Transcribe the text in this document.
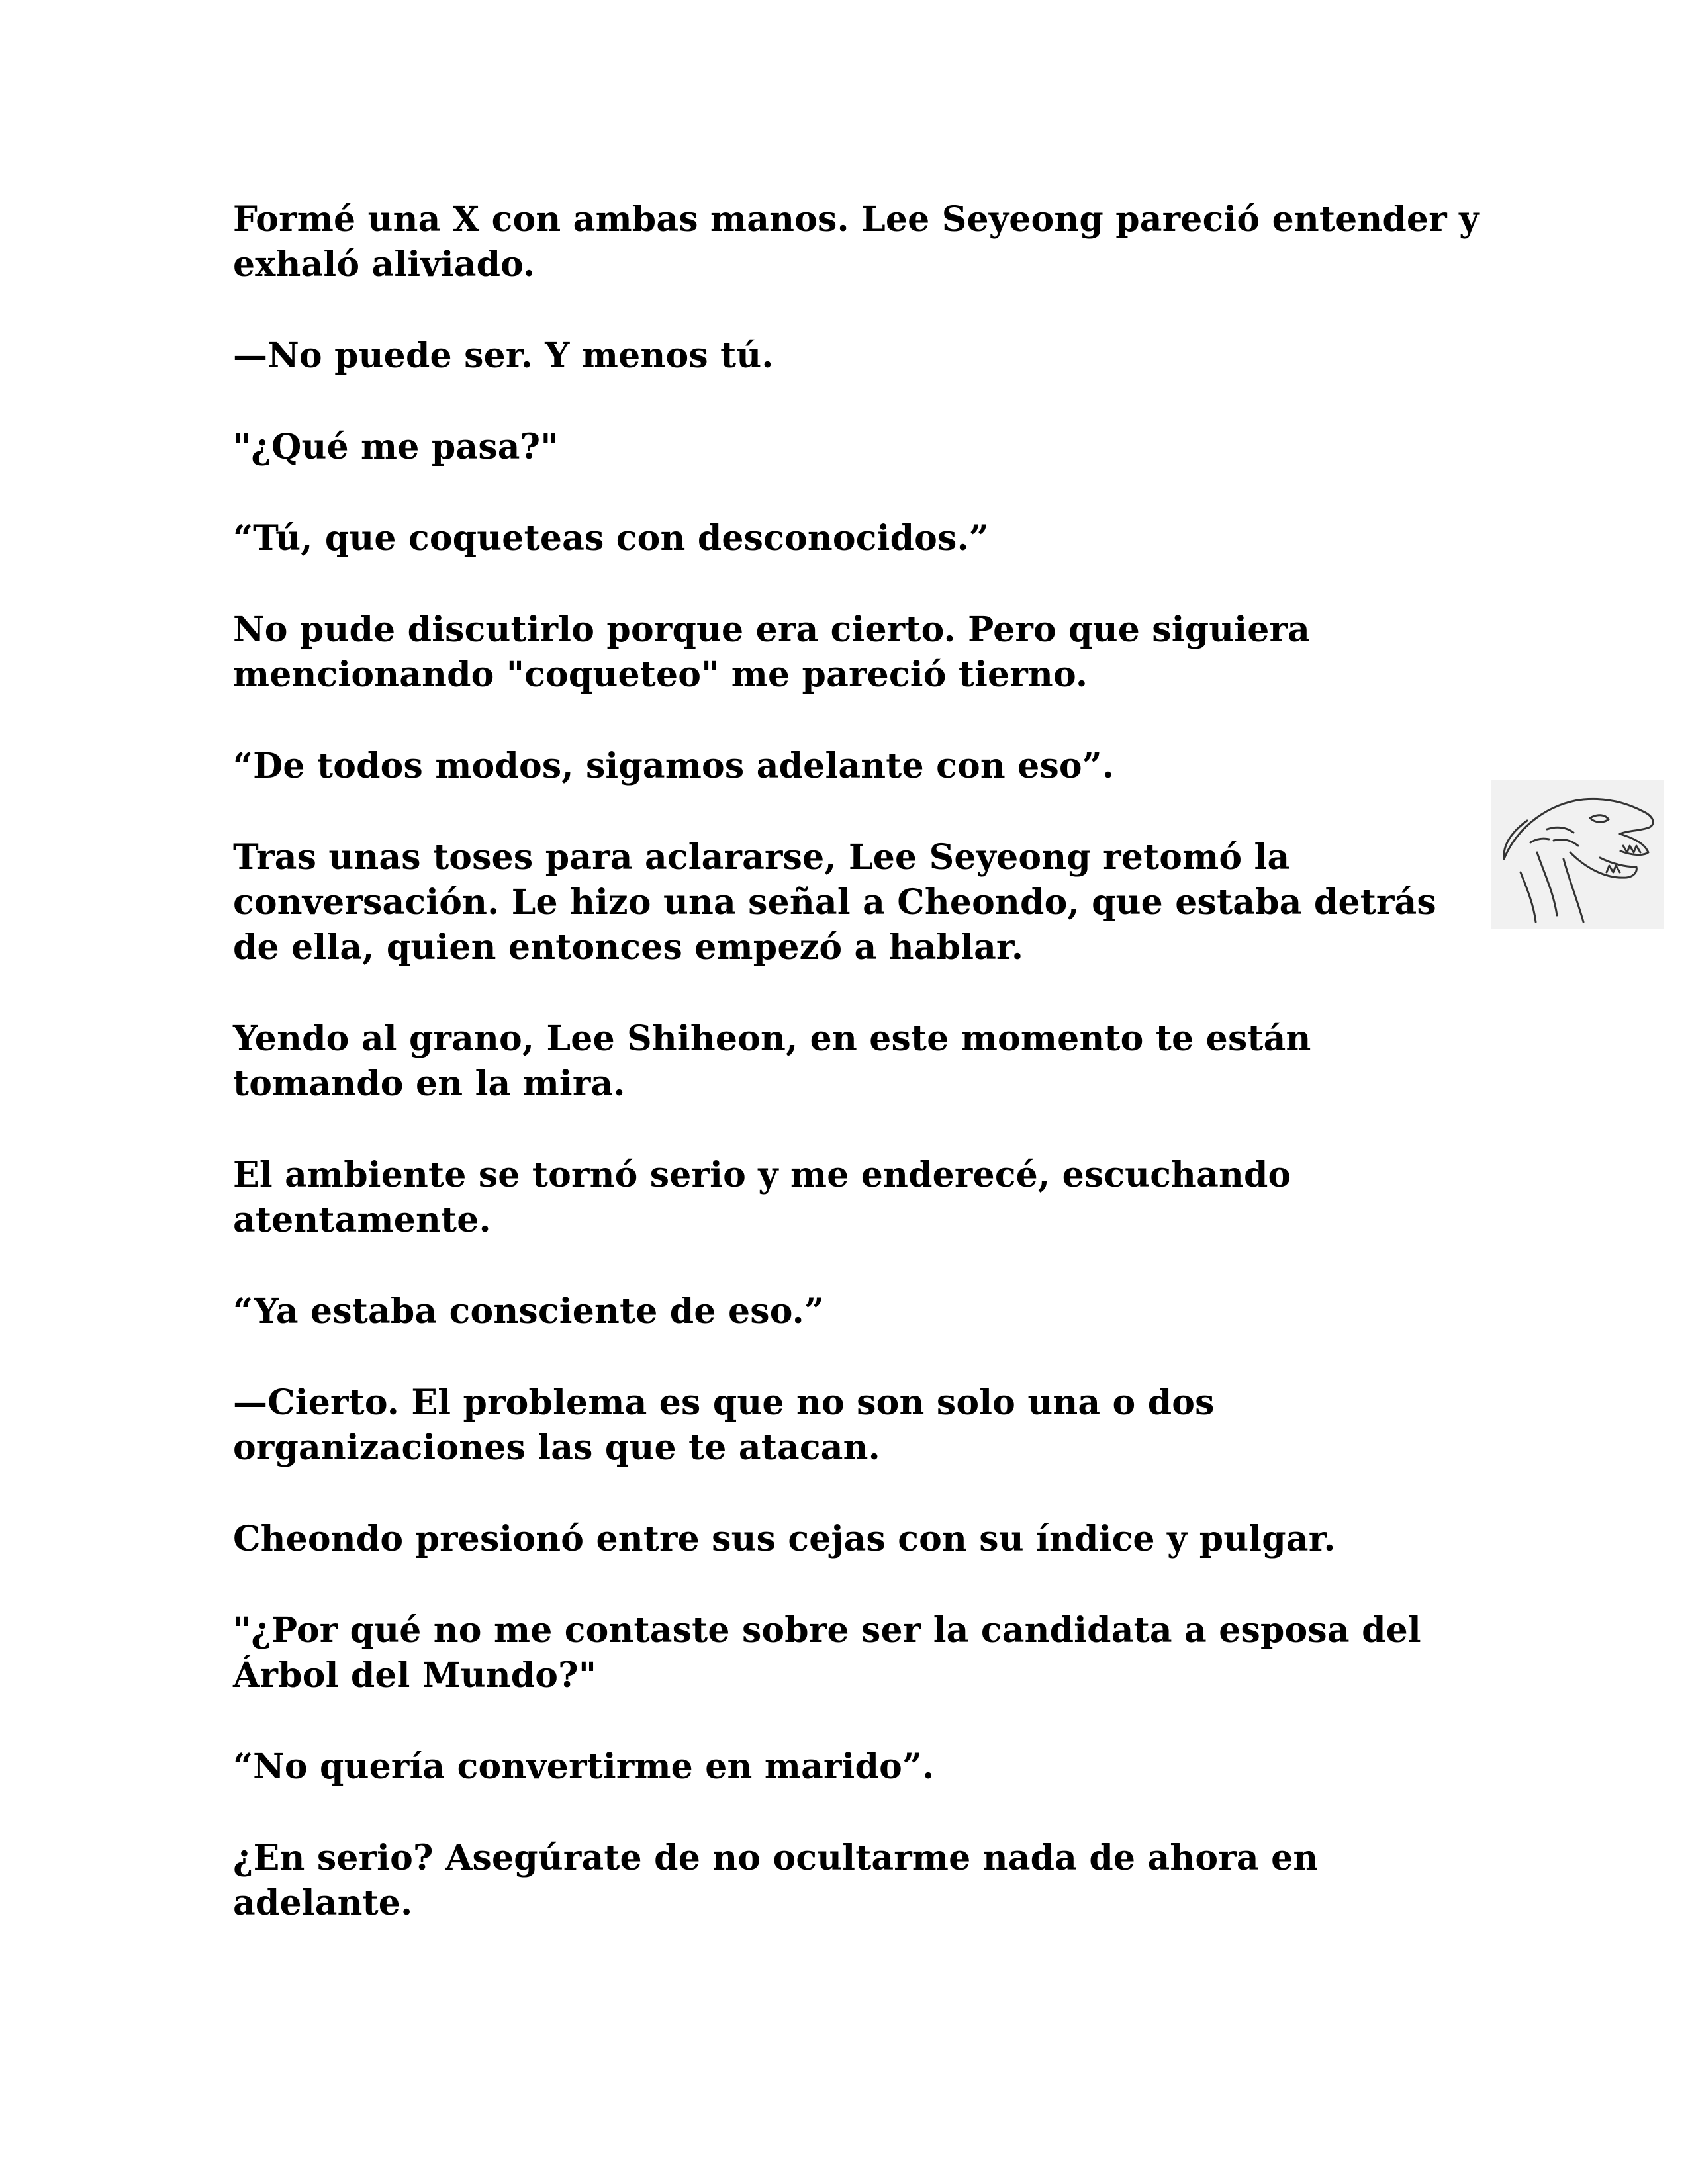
Formé una X con ambas manos. Lee Seyeong pareció entender y exhaló aliviado.

—No puede ser. Y menos tú.

"¿Qué me pasa?"

“Tú, que coqueteas con desconocidos.”

No pude discutirlo porque era cierto. Pero que siguiera mencionando "coqueteo" me pareció tierno.

“De todos modos, sigamos adelante con eso”.

Tras unas toses para aclararse, Lee Seyeong retomó la conversación. Le hizo una señal a Cheondo, que estaba detrás de ella, quien entonces empezó a hablar.

Yendo al grano, Lee Shiheon, en este momento te están tomando en la mira.

El ambiente se tornó serio y me enderecé, escuchando atentamente.

“Ya estaba consciente de eso.”

—Cierto. El problema es que no son solo una o dos organizaciones las que te atacan.

Cheondo presionó entre sus cejas con su índice y pulgar.

"¿Por qué no me contaste sobre ser la candidata a esposa del Árbol del Mundo?"

“No quería convertirme en marido”.

¿En serio? Asegúrate de no ocultarme nada de ahora en adelante.
